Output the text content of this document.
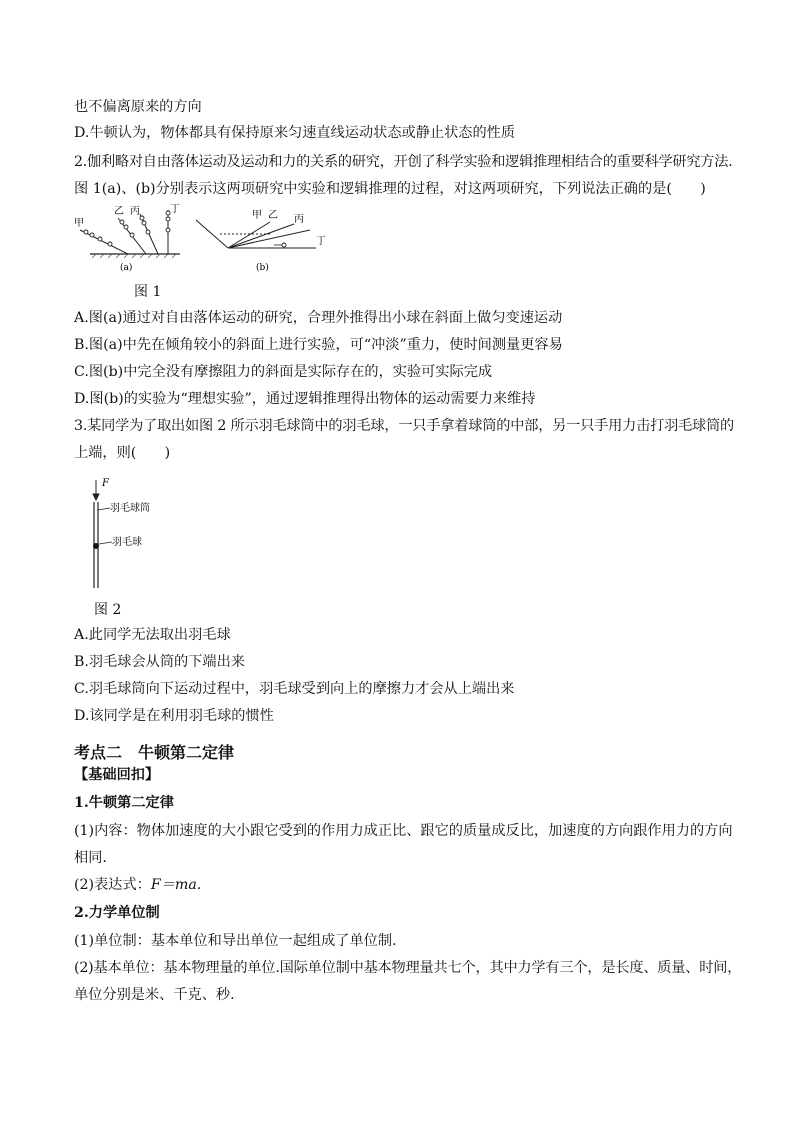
也不偏离原来的方向
D.牛顿认为，物体都具有保持原来匀速直线运动状态或静止状态的性质
2.伽利略对自由落体运动及运动和力的关系的研究，开创了科学实验和逻辑推理相结合的重要科学研究方法.
图 1(a)、(b)分别表示这两项研究中实验和逻辑推理的过程，对这两项研究，下列说法正确的是(　　)
甲
乙 丙	丁
(a)
甲 乙 丙
丁
(b)
图 1
A.图(a)通过对自由落体运动的研究，合理外推得出小球在斜面上做匀变速运动
B.图(a)中先在倾角较小的斜面上进行实验，可“冲淡”重力，使时间测量更容易
C.图(b)中完全没有摩擦阻力的斜面是实际存在的，实验可实际完成
D.图(b)的实验为“理想实验”，通过逻辑推理得出物体的运动需要力来维持
3.某同学为了取出如图 2 所示羽毛球筒中的羽毛球，一只手拿着球筒的中部，另一只手用力击打羽毛球筒的
上端，则(　　)
F
羽毛球筒
羽毛球
图 2
A.此同学无法取出羽毛球
B.羽毛球会从筒的下端出来
C.羽毛球筒向下运动过程中，羽毛球受到向上的摩擦力才会从上端出来
D.该同学是在利用羽毛球的惯性
考点二　牛顿第二定律
【基础回扣】
1.牛顿第二定律
(1)内容：物体加速度的大小跟它受到的作用力成正比、跟它的质量成反比，加速度的方向跟作用力的方向
相同.
(2)表达式：F＝ma.
2.力学单位制
(1)单位制：基本单位和导出单位一起组成了单位制.
(2)基本单位：基本物理量的单位.国际单位制中基本物理量共七个，其中力学有三个，是长度、质量、时间，
单位分别是米、千克、秒.
